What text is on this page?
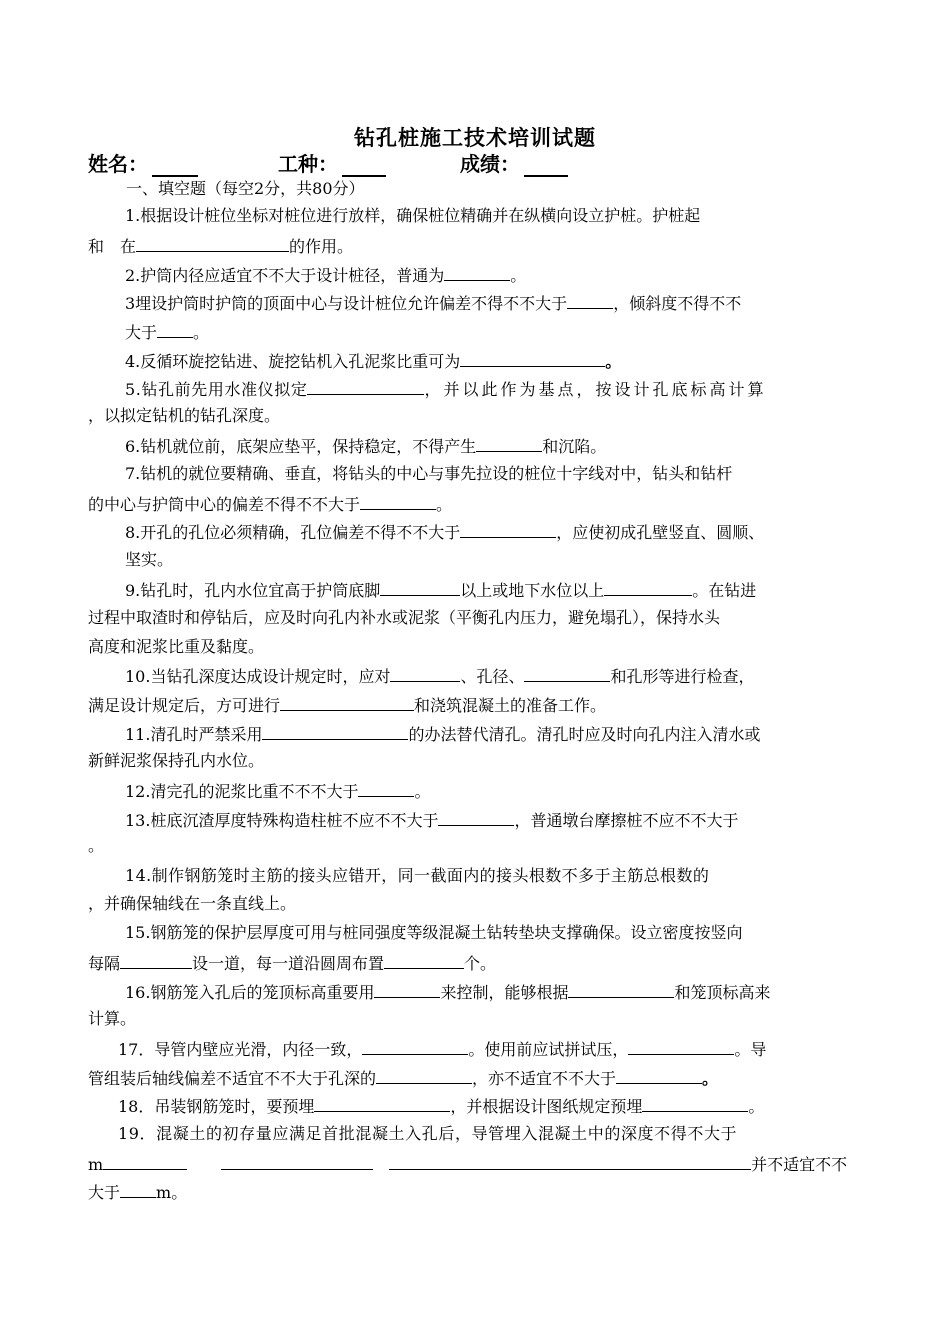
钻孔桩施工技术培训试题
姓名：	工种：	成绩：
一、填空题（每空2分，共80分）
1.根据设计桩位坐标对桩位进行放样，确保桩位精确并在纵横向设立护桩。护桩起
和　在	的作用。
2.护筒内径应适宜不不大于设计桩径，普通为	。
3埋设护筒时护筒的顶面中心与设计桩位允许偏差不得不不大于	，倾斜度不得不不
大于 。
4.反循环旋挖钻进、旋挖钻机入孔泥浆比重可为	。
5.钻孔前先用水准仪拟定	，并以此作为基点，按设计孔底标高计算
，以拟定钻机的钻孔深度。
6.钻机就位前，底架应垫平，保持稳定，不得产生	和沉陷。
7.钻机的就位要精确、垂直，将钻头的中心与事先拉设的桩位十字线对中，钻头和钻杆
的中心与护筒中心的偏差不得不不大于	。
8.开孔的孔位必须精确，孔位偏差不得不不大于	，应使初成孔壁竖直、圆顺、
坚实。
9.钻孔时，孔内水位宜高于护筒底脚	以上或地下水位以上	。在钻进
过程中取渣时和停钻后，应及时向孔内补水或泥浆（平衡孔内压力，避免塌孔），保持水头
高度和泥浆比重及黏度。
10.当钻孔深度达成设计规定时，应对	、孔径、	和孔形等进行检查，
满足设计规定后，方可进行	和浇筑混凝土的准备工作。
11.清孔时严禁采用	的办法替代清孔。清孔时应及时向孔内注入清水或
新鲜泥浆保持孔内水位。
12.清完孔的泥浆比重不不不大于	。
13.桩底沉渣厚度特殊构造柱桩不应不不大于	，普通墩台摩擦桩不应不不大于
。
14.制作钢筋笼时主筋的接头应错开，同一截面内的接头根数不多于主筋总根数的
，并确保轴线在一条直线上。
15.钢筋笼的保护层厚度可用与桩同强度等级混凝土钻转垫块支撑确保。设立密度按竖向
每隔	设一道，每一道沿圆周布置	个。
16.钢筋笼入孔后的笼顶标高重要用	来控制，能够根据	和笼顶标高来
计算。
17．导管内壁应光滑，内径一致，	。使用前应试拼试压，	。导
管组装后轴线偏差不适宜不不大于孔深的	，亦不适宜不不大于	。
18．吊装钢筋笼时，要预埋	，并根据设计图纸规定预埋	。
19．混凝土的初存量应满足首批混凝土入孔后，导管埋入混凝土中的深度不得不大于
m	并不适宜不不
大于 m。
